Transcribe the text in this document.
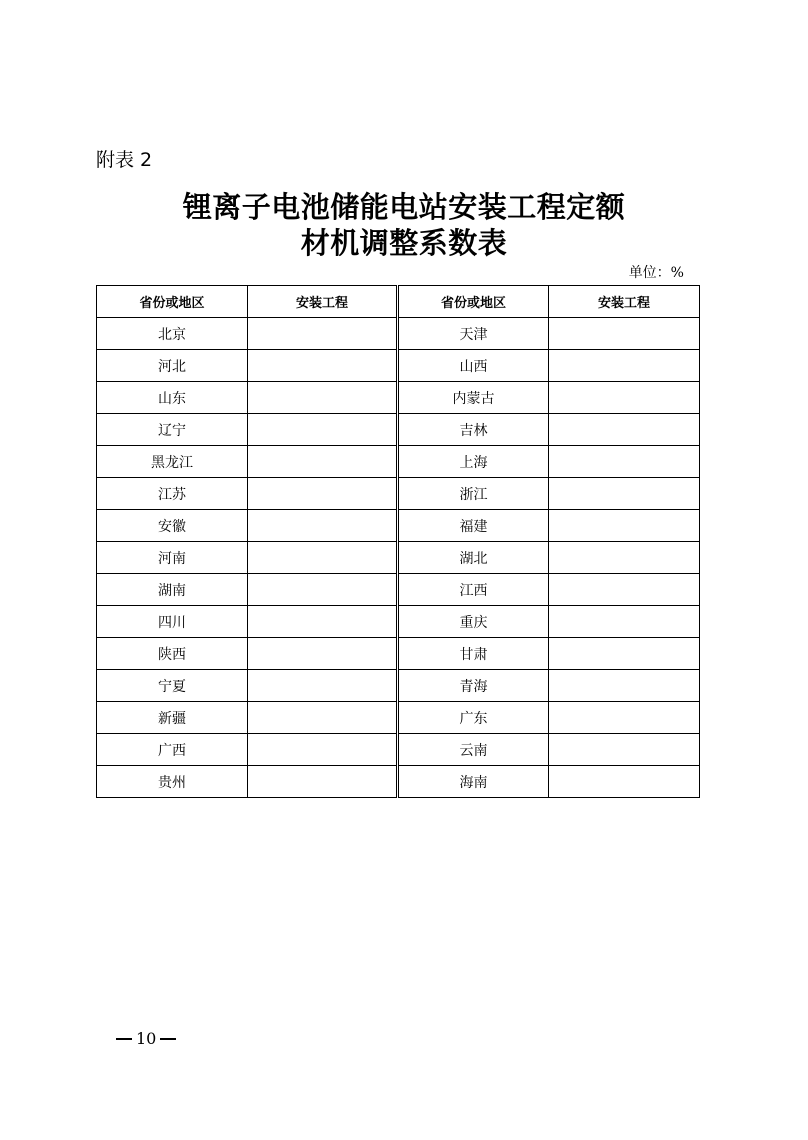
附表 2
锂离子电池储能电站安装工程定额
材机调整系数表
单位：%
省份或地区	安装工程	省份或地区	安装工程
北京		天津	
河北		山西	
山东		内蒙古	
辽宁		吉林	
黑龙江		上海	
江苏		浙江	
安徽		福建	
河南		湖北	
湖南		江西	
四川		重庆	
陕西		甘肃	
宁夏		青海	
新疆		广东	
广西		云南	
贵州		海南	
10
